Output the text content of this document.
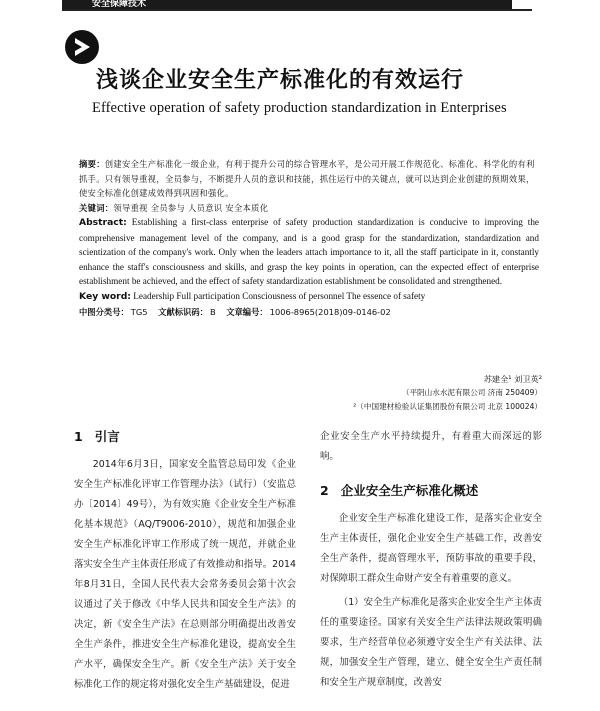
安全保障技术
浅谈企业安全生产标准化的有效运行
Effective operation of safety production standardization in Enterprises

摘要：创建安全生产标准化一级企业，有利于提升公司的综合管理水平，是公司开展工作规范化、标准化、科学化的有利抓手。只有领导重视，全员参与，不断提升人员的意识和技能，抓住运行中的关键点，就可以达到企业创建的预期效果，使安全标准化创建成效得到巩固和强化。

关键词：领导重视 全员参与 人员意识 安全本质化

Abstract: Establishing a first-class enterprise of safety production standardization is conducive to improving the comprehensive management level of the company, and is a good grasp for the standardization, standardization and scientization of the company's work. Only when the leaders attach importance to it, all the staff participate in it, constantly enhance the staff's consciousness and skills, and grasp the key points in operation, can the expected effect of enterprise establishment be achieved, and the effect of safety standardization establishment be consolidated and strengthened.

Key word: Leadership Full participation Consciousness of personnel The essence of safety

中图分类号： TG5 文献标识码： B 文章编号： 1006-8965(2018)09-0146-02

苏建全¹ 刘卫英²
（平阴山水水泥有限公司 济南 250409）
²（中国建材检验认证集团股份有限公司 北京 100024）
1 引言

2014年6月3日，国家安全监管总局印发《企业安全生产标准化评审工作管理办法》（试行）（安监总办〔2014〕49号），为有效实施《企业安全生产标准化基本规范》（AQ/T9006-2010），规范和加强企业安全生产标准化评审工作形成了统一规范，并就企业落实安全生产主体责任形成了有效推动和指导。2014年8月31日，全国人民代表大会常务委员会第十次会议通过了关于修改《中华人民共和国安全生产法》的决定，新《安全生产法》在总则部分明确提出改善安全生产条件，推进安全生产标准化建设，提高安全生产水平，确保安全生产。新《安全生产法》关于安全标准化工作的规定将对强化安全生产基础建设，促进

企业安全生产水平持续提升，有着重大而深远的影响。

2 企业安全生产标准化概述

企业安全生产标准化建设工作，是落实企业安全生产主体责任，强化企业安全生产基础工作，改善安全生产条件，提高管理水平，预防事故的重要手段，对保障职工群众生命财产安全有着重要的意义。

（1）安全生产标准化是落实企业安全生产主体责任的重要途径。国家有关安全生产法律法规政策明确要求，生产经营单位必须遵守安全生产有关法律、法规，加强安全生产管理，建立、健全安全生产责任制和安全生产规章制度，改善安
